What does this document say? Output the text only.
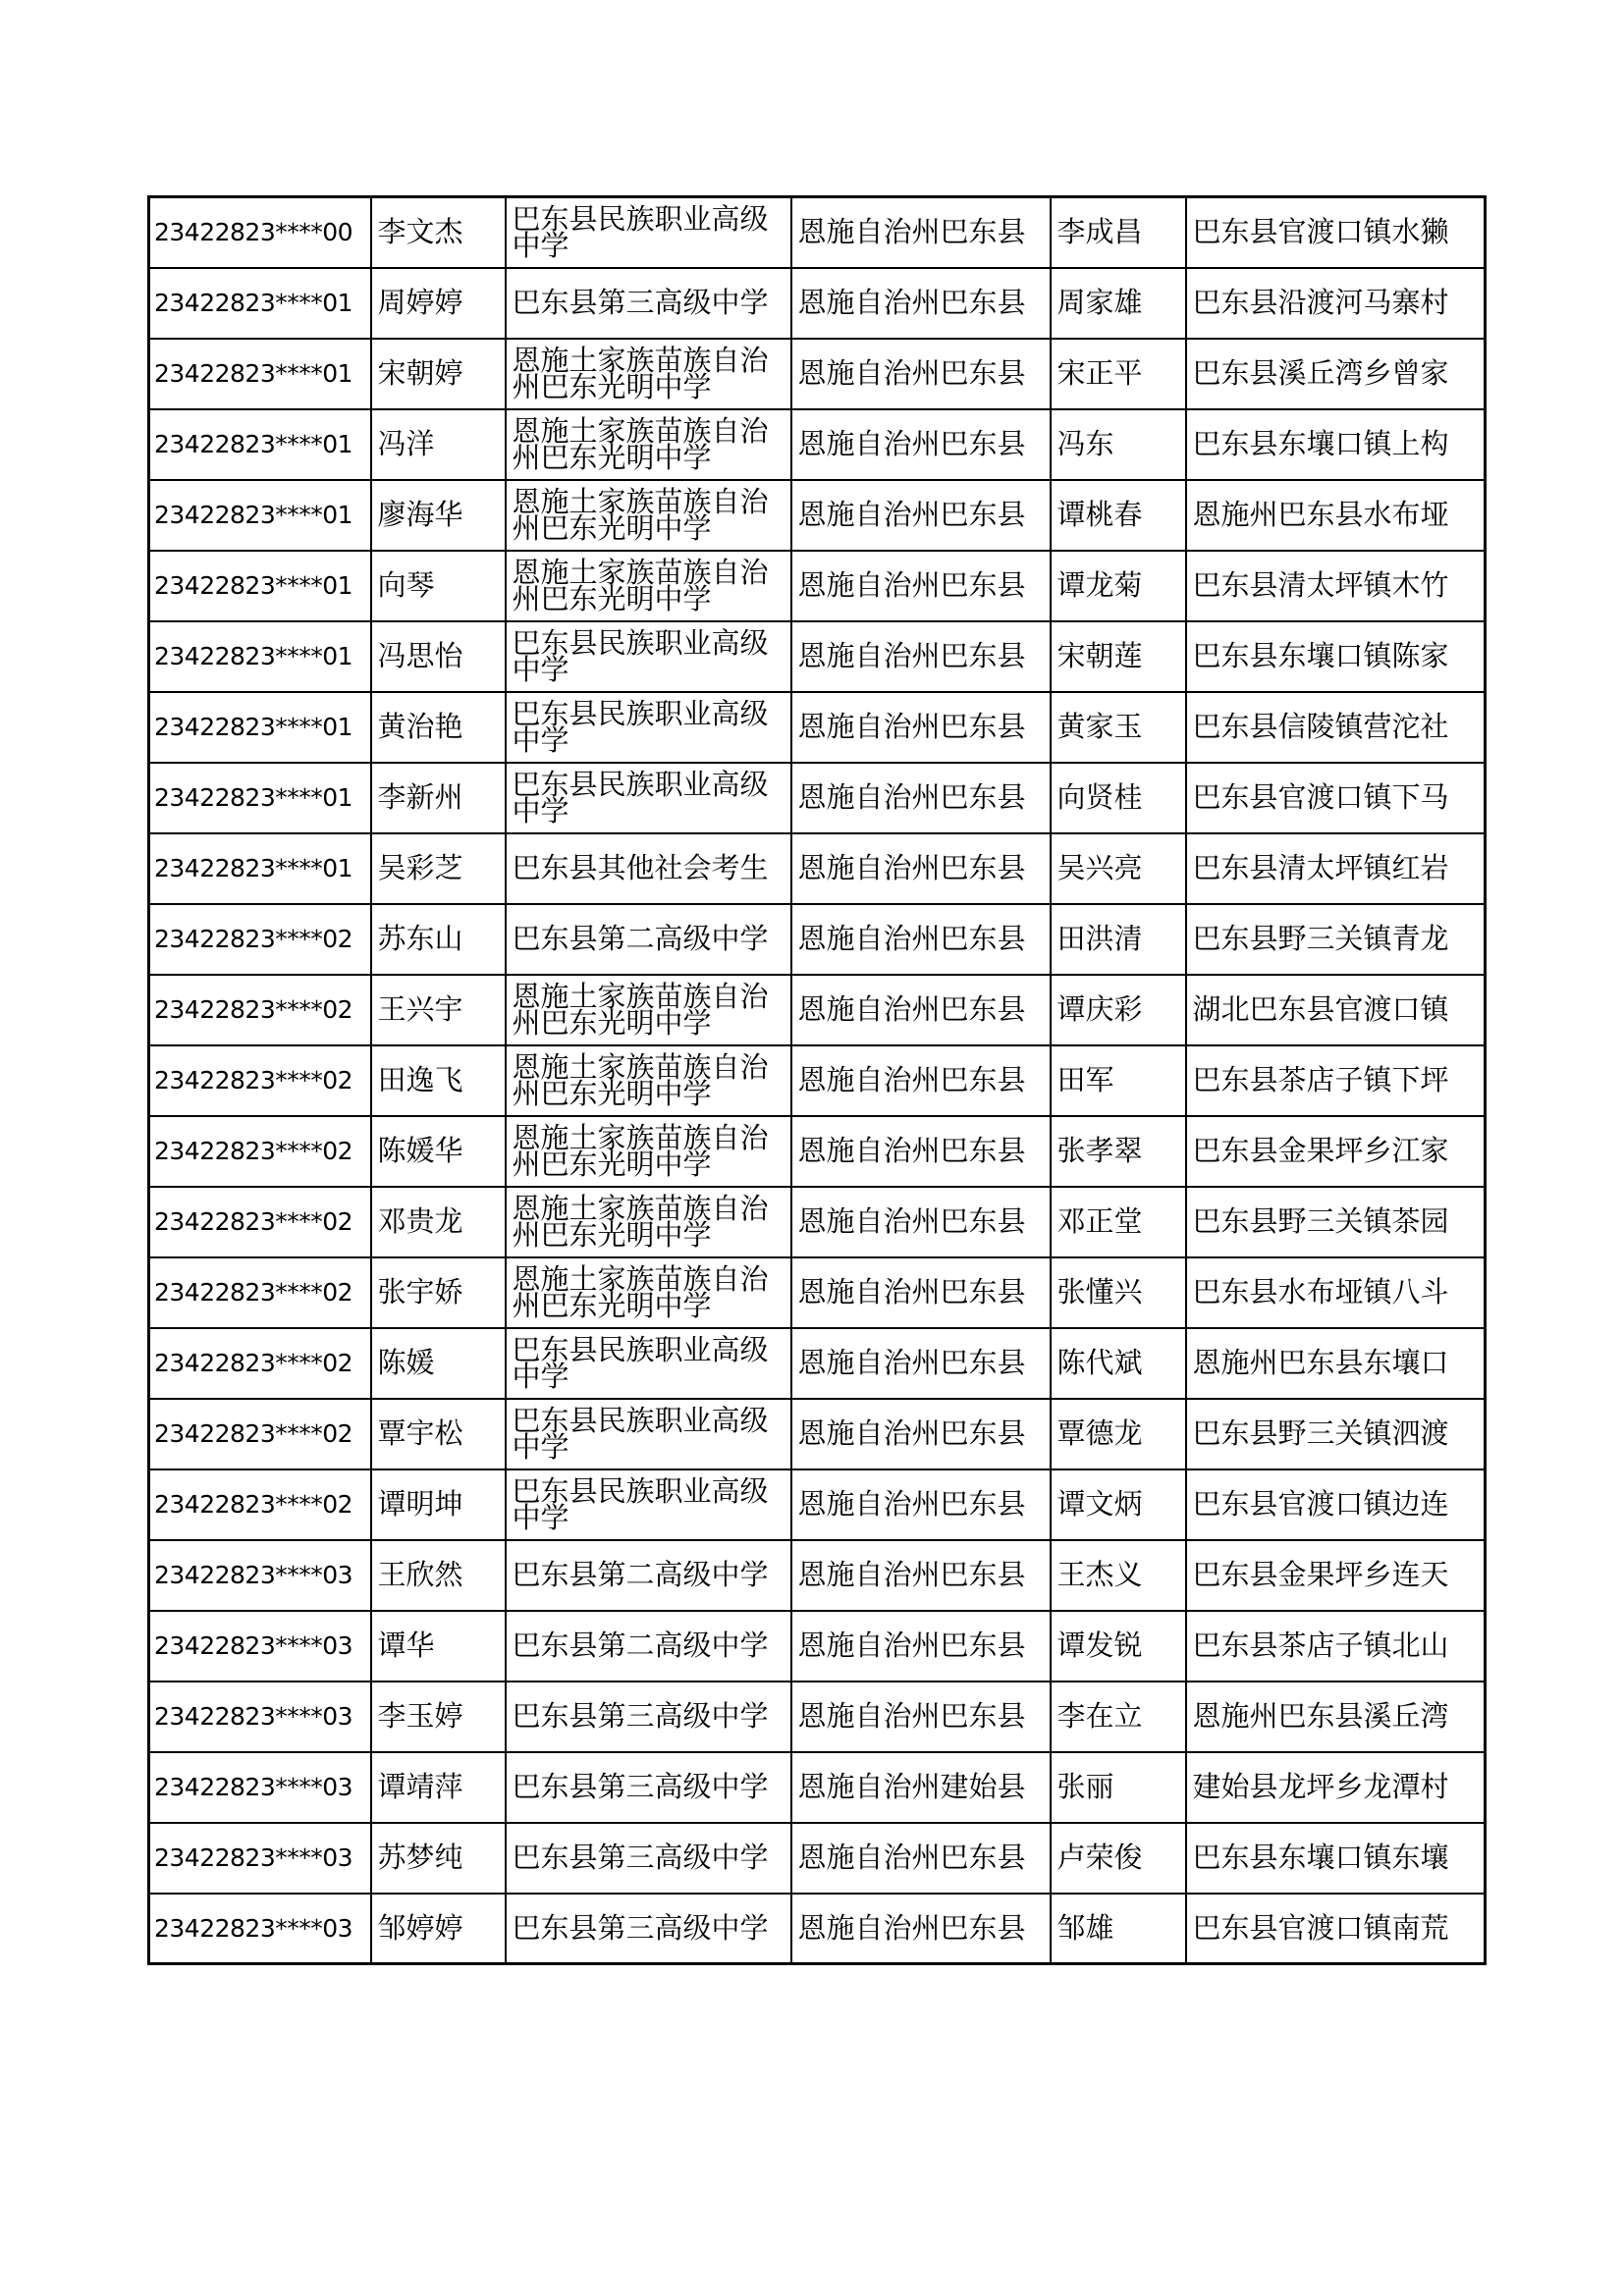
23422823****00	李文杰	巴东县民族职业高级中学	恩施自治州巴东县	李成昌	巴东县官渡口镇水獭
23422823****01	周婷婷	巴东县第三高级中学	恩施自治州巴东县	周家雄	巴东县沿渡河马寨村
23422823****01	宋朝婷	恩施土家族苗族自治州巴东光明中学	恩施自治州巴东县	宋正平	巴东县溪丘湾乡曾家
23422823****01	冯洋	恩施土家族苗族自治州巴东光明中学	恩施自治州巴东县	冯东	巴东县东壤口镇上构
23422823****01	廖海华	恩施土家族苗族自治州巴东光明中学	恩施自治州巴东县	谭桃春	恩施州巴东县水布垭
23422823****01	向琴	恩施土家族苗族自治州巴东光明中学	恩施自治州巴东县	谭龙菊	巴东县清太坪镇木竹
23422823****01	冯思怡	巴东县民族职业高级中学	恩施自治州巴东县	宋朝莲	巴东县东壤口镇陈家
23422823****01	黄治艳	巴东县民族职业高级中学	恩施自治州巴东县	黄家玉	巴东县信陵镇营沱社
23422823****01	李新州	巴东县民族职业高级中学	恩施自治州巴东县	向贤桂	巴东县官渡口镇下马
23422823****01	吴彩芝	巴东县其他社会考生	恩施自治州巴东县	吴兴亮	巴东县清太坪镇红岩
23422823****02	苏东山	巴东县第二高级中学	恩施自治州巴东县	田洪清	巴东县野三关镇青龙
23422823****02	王兴宇	恩施土家族苗族自治州巴东光明中学	恩施自治州巴东县	谭庆彩	湖北巴东县官渡口镇
23422823****02	田逸飞	恩施土家族苗族自治州巴东光明中学	恩施自治州巴东县	田军	巴东县茶店子镇下坪
23422823****02	陈媛华	恩施土家族苗族自治州巴东光明中学	恩施自治州巴东县	张孝翠	巴东县金果坪乡江家
23422823****02	邓贵龙	恩施土家族苗族自治州巴东光明中学	恩施自治州巴东县	邓正堂	巴东县野三关镇茶园
23422823****02	张宇娇	恩施土家族苗族自治州巴东光明中学	恩施自治州巴东县	张懂兴	巴东县水布垭镇八斗
23422823****02	陈媛	巴东县民族职业高级中学	恩施自治州巴东县	陈代斌	恩施州巴东县东壤口
23422823****02	覃宇松	巴东县民族职业高级中学	恩施自治州巴东县	覃德龙	巴东县野三关镇泗渡
23422823****02	谭明坤	巴东县民族职业高级中学	恩施自治州巴东县	谭文炳	巴东县官渡口镇边连
23422823****03	王欣然	巴东县第二高级中学	恩施自治州巴东县	王杰义	巴东县金果坪乡连天
23422823****03	谭华	巴东县第二高级中学	恩施自治州巴东县	谭发锐	巴东县茶店子镇北山
23422823****03	李玉婷	巴东县第三高级中学	恩施自治州巴东县	李在立	恩施州巴东县溪丘湾
23422823****03	谭靖萍	巴东县第三高级中学	恩施自治州建始县	张丽	建始县龙坪乡龙潭村
23422823****03	苏梦纯	巴东县第三高级中学	恩施自治州巴东县	卢荣俊	巴东县东壤口镇东壤
23422823****03	邹婷婷	巴东县第三高级中学	恩施自治州巴东县	邹雄	巴东县官渡口镇南荒
